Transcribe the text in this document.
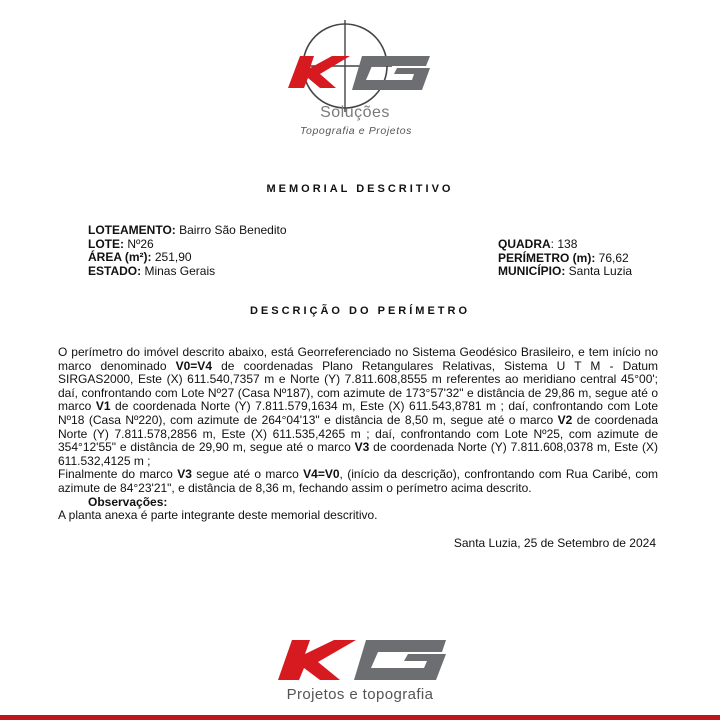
Soluções
Topografia e Projetos
MEMORIAL DESCRITIVO
LOTEAMENTO: Bairro São Benedito
LOTE: Nº26
ÁREA (m²): 251,90
ESTADO: Minas Gerais
QUADRA: 138
PERÍMETRO (m): 76,62
MUNICÍPIO: Santa Luzia
DESCRIÇÃO DO PERÍMETRO

O perímetro do imóvel descrito abaixo, está Georreferenciado no Sistema Geodésico Brasileiro, e tem início no marco denominado V0=V4 de coordenadas Plano Retangulares Relativas, Sistema U T M - Datum SIRGAS2000, Este (X) 611.540,7357 m e Norte (Y) 7.811.608,8555 m referentes ao meridiano central 45°00'; daí, confrontando com Lote Nº27 (Casa Nº187), com azimute de 173°57'32" e distância de 29,86 m, segue até o marco V1 de coordenada Norte (Y) 7.811.579,1634 m, Este (X) 611.543,8781 m ; daí, confrontando com Lote Nº18 (Casa Nº220), com azimute de 264°04'13" e distância de 8,50 m, segue até o marco V2 de coordenada Norte (Y) 7.811.578,2856 m, Este (X) 611.535,4265 m ; daí, confrontando com Lote Nº25, com azimute de 354°12'55" e distância de 29,90 m, segue até o marco V3 de coordenada Norte (Y) 7.811.608,0378 m, Este (X) 611.532,4125 m ;

Finalmente do marco V3 segue até o marco V4=V0, (início da descrição), confrontando com Rua Caribé, com azimute de 84°23'21", e distância de 8,36 m, fechando assim o perímetro acima descrito.

Observações:
A planta anexa é parte integrante deste memorial descritivo.
Santa Luzia, 25 de Setembro de 2024
Projetos e topografia
